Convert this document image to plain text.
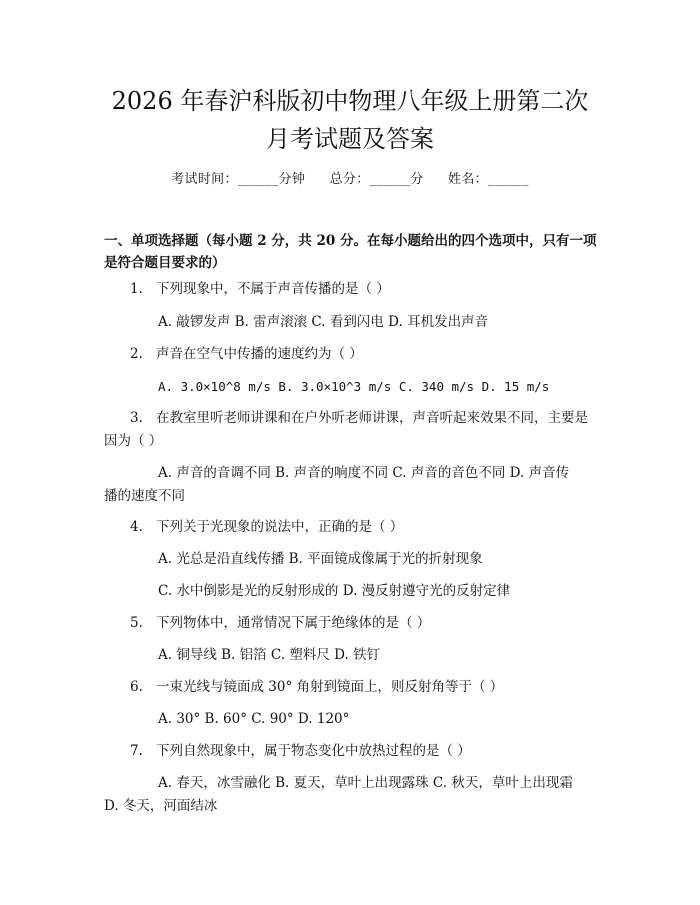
2026 年春沪科版初中物理八年级上册第二次
月考试题及答案
考试时间：______分钟 总分：______分 姓名：______
一、单项选择题（每小题 2 分，共 20 分。在每小题给出的四个选项中，只有一项
是符合题目要求的）
1. 下列现象中，不属于声音传播的是（ ）
A. 敲锣发声 B. 雷声滚滚 C. 看到闪电 D. 耳机发出声音
2. 声音在空气中传播的速度约为（ ）
A. 3.0×10^8 m/s B. 3.0×10^3 m/s C. 340 m/s D. 15 m/s
3. 在教室里听老师讲课和在户外听老师讲课，声音听起来效果不同，主要是
因为（ ）
A. 声音的音调不同 B. 声音的响度不同 C. 声音的音色不同 D. 声音传
播的速度不同
4. 下列关于光现象的说法中，正确的是（ ）
A. 光总是沿直线传播 B. 平面镜成像属于光的折射现象
C. 水中倒影是光的反射形成的 D. 漫反射遵守光的反射定律
5. 下列物体中，通常情况下属于绝缘体的是（ ）
A. 铜导线 B. 铝箔 C. 塑料尺 D. 铁钉
6. 一束光线与镜面成 30° 角射到镜面上，则反射角等于（ ）
A. 30° B. 60° C. 90° D. 120°
7. 下列自然现象中，属于物态变化中放热过程的是（ ）
A. 春天，冰雪融化 B. 夏天，草叶上出现露珠 C. 秋天，草叶上出现霜
D. 冬天，河面结冰
